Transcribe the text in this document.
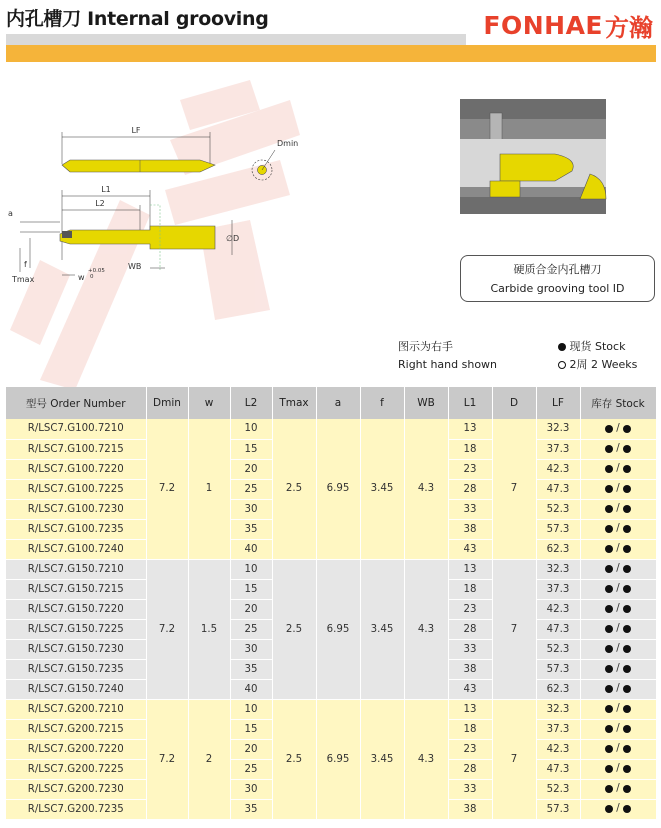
内孔槽刀 Internal grooving	FONHAE 方瀚
LF
Dmin
L1
L2
a
f
Tmax	w
+0.05
0
WB
∅D
硬质合金内孔槽刀
Carbide grooving tool ID
图示为右手
Right hand shown
现货 Stock
2周 2 Weeks
型号 Order Number	Dmin	w	L2	Tmax	a	f	WB	L1	D	LF	库存 Stock
R/LSC7.G100.7210	7.2	1	10	2.5	6.95	3.45	4.3	13	7	32.3	/
R/LSC7.G100.7215			15					18		37.3	/
R/LSC7.G100.7220			20					23		42.3	/
R/LSC7.G100.7225			25					28		47.3	/
R/LSC7.G100.7230			30					33		52.3	/
R/LSC7.G100.7235			35					38		57.3	/
R/LSC7.G100.7240			40					43		62.3	/
R/LSC7.G150.7210	7.2	1.5	10	2.5	6.95	3.45	4.3	13	7	32.3	/
R/LSC7.G150.7215			15					18		37.3	/
R/LSC7.G150.7220			20					23		42.3	/
R/LSC7.G150.7225			25					28		47.3	/
R/LSC7.G150.7230			30					33		52.3	/
R/LSC7.G150.7235			35					38		57.3	/
R/LSC7.G150.7240			40					43		62.3	/
R/LSC7.G200.7210	7.2	2	10	2.5	6.95	3.45	4.3	13	7	32.3	/
R/LSC7.G200.7215			15					18		37.3	/
R/LSC7.G200.7220			20					23		42.3	/
R/LSC7.G200.7225			25					28		47.3	/
R/LSC7.G200.7230			30					33		52.3	/
R/LSC7.G200.7235			35					38		57.3	/
